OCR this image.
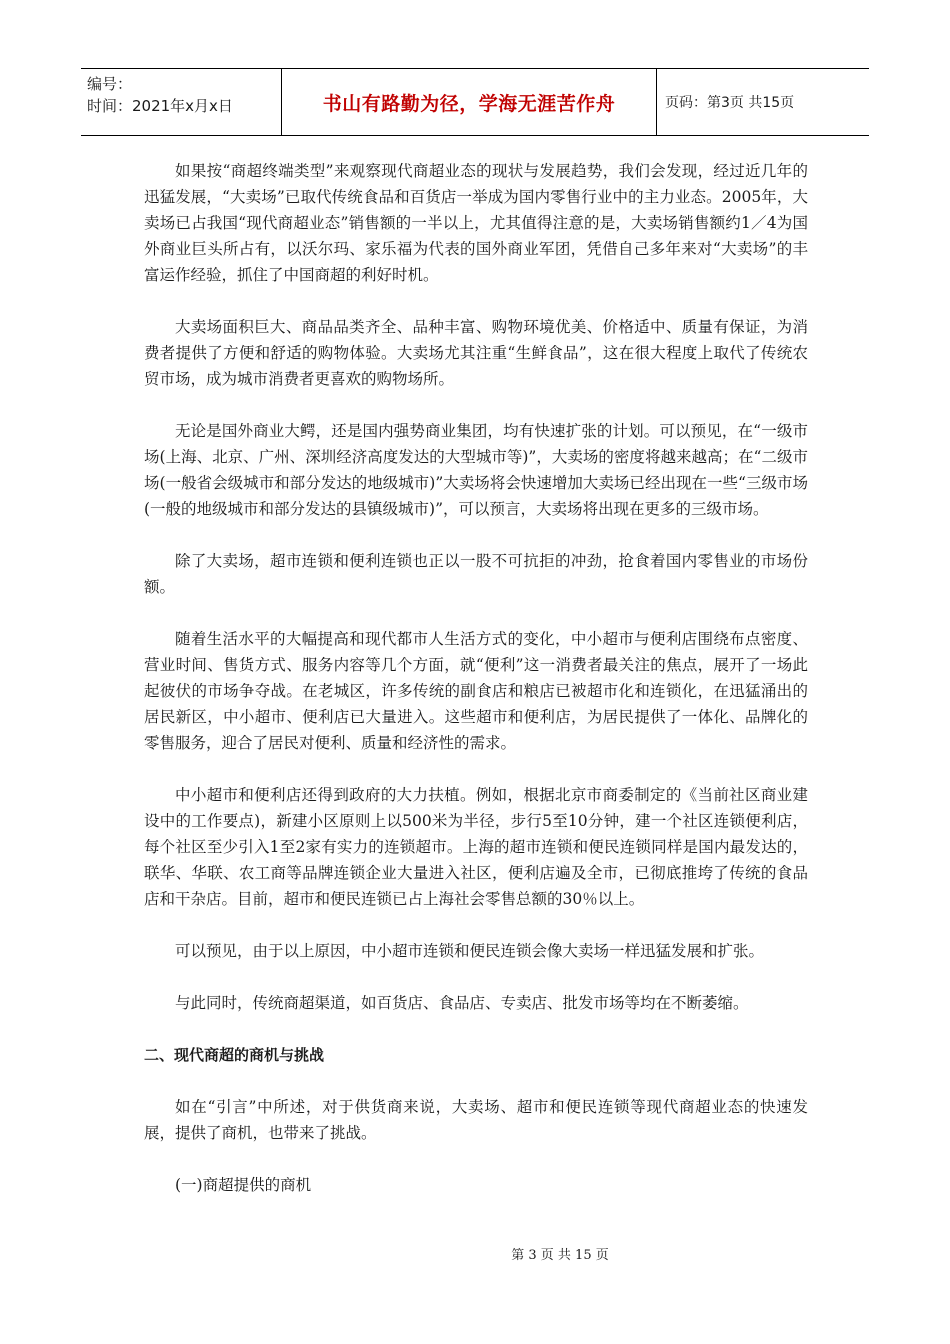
编号：
时间：2021年x月x日	书山有路勤为径，学海无涯苦作舟	页码：第3页 共15页

如果按“商超终端类型”来观察现代商超业态的现状与发展趋势，我们会发现，经过近几年的迅猛发展，“大卖场”已取代传统食品和百货店一举成为国内零售行业中的主力业态。2005年，大卖场已占我国“现代商超业态”销售额的一半以上，尤其值得注意的是，大卖场销售额约1／4为国外商业巨头所占有，以沃尔玛、家乐福为代表的国外商业军团，凭借自己多年来对“大卖场”的丰富运作经验，抓住了中国商超的利好时机。

大卖场面积巨大、商品品类齐全、品种丰富、购物环境优美、价格适中、质量有保证，为消费者提供了方便和舒适的购物体验。大卖场尤其注重“生鲜食品”，这在很大程度上取代了传统农贸市场，成为城市消费者更喜欢的购物场所。

无论是国外商业大鳄，还是国内强势商业集团，均有快速扩张的计划。可以预见，在“一级市场(上海、北京、广州、深圳经济高度发达的大型城市等)”，大卖场的密度将越来越高；在“二级市场(一般省会级城市和部分发达的地级城市)”大卖场将会快速增加大卖场已经出现在一些“三级市场(一般的地级城市和部分发达的县镇级城市)”，可以预言，大卖场将出现在更多的三级市场。

除了大卖场，超市连锁和便利连锁也正以一股不可抗拒的冲劲，抢食着国内零售业的市场份额。

随着生活水平的大幅提高和现代都市人生活方式的变化，中小超市与便利店围绕布点密度、营业时间、售货方式、服务内容等几个方面，就“便利”这一消费者最关注的焦点，展开了一场此起彼伏的市场争夺战。在老城区，许多传统的副食店和粮店已被超市化和连锁化，在迅猛涌出的居民新区，中小超市、便利店已大量进入。这些超市和便利店，为居民提供了一体化、品牌化的零售服务，迎合了居民对便利、质量和经济性的需求。

中小超市和便利店还得到政府的大力扶植。例如，根据北京市商委制定的《当前社区商业建设中的工作要点)，新建小区原则上以500米为半径，步行5至10分钟，建一个社区连锁便利店，每个社区至少引入1至2家有实力的连锁超市。上海的超市连锁和便民连锁同样是国内最发达的，联华、华联、农工商等品牌连锁企业大量进入社区，便利店遍及全市，已彻底推垮了传统的食品店和干杂店。目前，超市和便民连锁已占上海社会零售总额的30％以上。

可以预见，由于以上原因，中小超市连锁和便民连锁会像大卖场一样迅猛发展和扩张。

与此同时，传统商超渠道，如百货店、食品店、专卖店、批发市场等均在不断萎缩。

二、现代商超的商机与挑战

如在“引言”中所述，对于供货商来说，大卖场、超市和便民连锁等现代商超业态的快速发展，提供了商机，也带来了挑战。

(一)商超提供的商机

第 3 页 共 15 页
